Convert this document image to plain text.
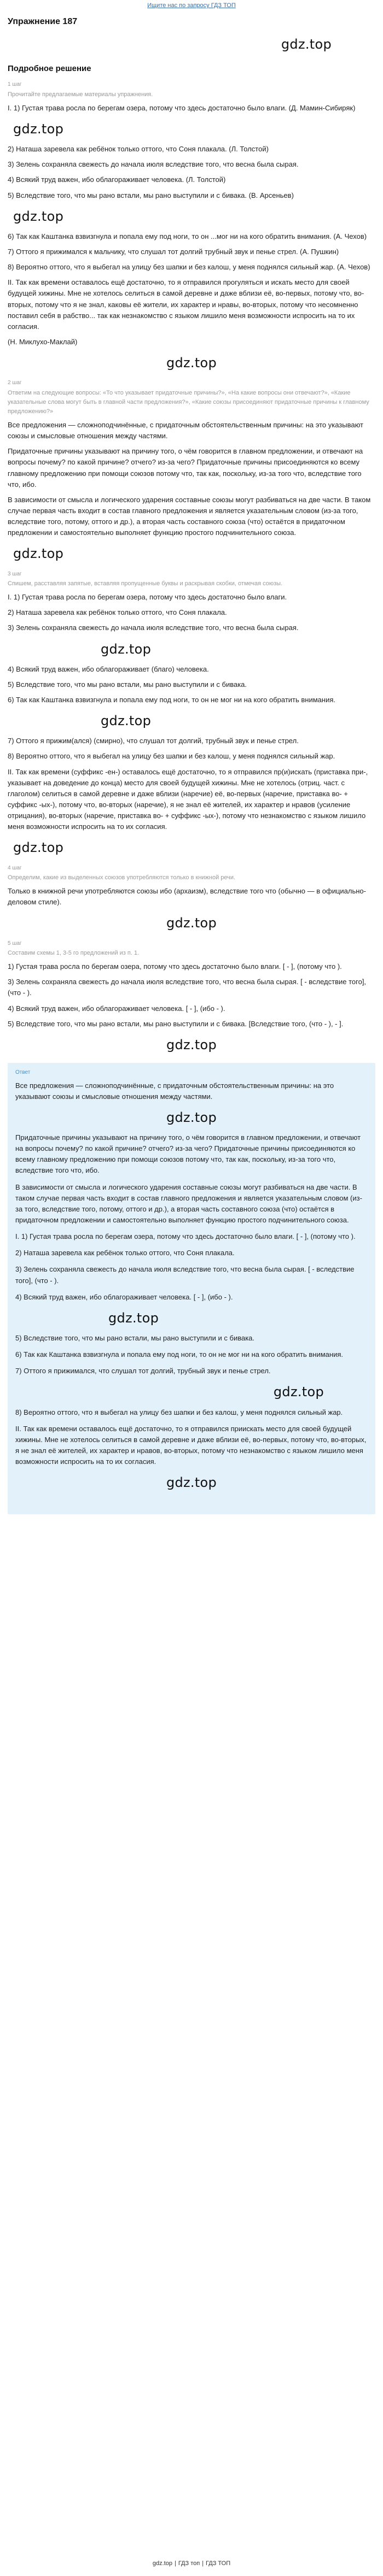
Ищите нас по запросу ГДЗ ТОП
Упражнение 187
gdz.top
Подробное решение
1 шаг
Прочитайте предлагаемые материалы упражнения.

I. 1) Густая трава росла по берегам озера, потому что здесь достаточно было влаги. (Д. Мамин-Сибиряк)

gdz.top

2) Наташа заревела как ребёнок только оттого, что Соня плакала. (Л. Толстой)

3) Зелень сохраняла свежесть до начала июля вследствие того, что весна была сырая.

4) Всякий труд важен, ибо облагораживает человека. (Л. Толстой)

5) Вследствие того, что мы рано встали, мы рано выступили и с бивака. (В. Арсеньев)

gdz.top

6) Так как Каштанка взвизгнула и попала ему под ноги, то он ...мог ни на кого обратить внимания. (А. Чехов)

7) Оттого я прижимался к мальчику, что слушал тот долгий трубный звук и пенье стрел. (А. Пушкин)

8) Вероятно оттого, что я выбегал на улицу без шапки и без калош, у меня поднялся сильный жар. (А. Чехов)

II. Так как времени оставалось ещё достаточно, то я отправился прогуляться и искать место для своей будущей хижины. Мне не хотелось селиться в самой деревне и даже вблизи её, во-первых, потому что, во-вторых, потому что я не знал, каковы её жители, их характер и нравы, во-вторых, потому что несомненно поставил себя в рабство... так как незнакомство с языком лишило меня возможности испросить на то их согласия.

(Н. Миклухо-Маклай)

gdz.top
2 шаг
Ответим на следующие вопросы: «То что указывает придаточные причины?», «На какие вопросы они отвечают?», «Какие указательные слова могут быть в главной части предложения?», «Какие союзы присоединяют придаточные причины к главному предложению?»

Все предложения — сложноподчинённые, с придаточным обстоятельственным причины: на это указывают союзы и смысловые отношения между частями.

Придаточные причины указывают на причину того, о чём говорится в главном предложении, и отвечают на вопросы почему? по какой причине? отчего? из-за чего? Придаточные причины присоединяются ко всему главному предложению при помощи союзов потому что, так как, поскольку, из-за того что, вследствие того что, ибо.

В зависимости от смысла и логического ударения составные союзы могут разбиваться на две части. В таком случае первая часть входит в состав главного предложения и является указательным словом (из-за того, вследствие того, потому, оттого и др.), а вторая часть составного союза (что) остаётся в придаточном предложении и самостоятельно выполняет функцию простого подчинительного союза.

gdz.top
3 шаг
Спишем, расставляя запятые, вставляя пропущенные буквы и раскрывая скобки, отмечая союзы.

I. 1) Густая трава росла по берегам озера, потому что здесь достаточно было влаги.

2) Наташа заревела как ребёнок только оттого, что Соня плакала.

3) Зелень сохраняла свежесть до начала июля вследствие того, что весна была сырая.

gdz.top

4) Всякий труд важен, ибо облагораживает (благо) человека.

5) Вследствие того, что мы рано встали, мы рано выступили и с бивака.

6) Так как Каштанка взвизгнула и попала ему под ноги, то он не мог ни на кого обратить внимания.

gdz.top

7) Оттого я прижим(ался) (смирно), что слушал тот долгий, трубный звук и пенье стрел.

8) Вероятно оттого, что я выбегал на улицу без шапки и без калош, у меня поднялся сильный жар.

II. Так как времени (суффикс -ен-) оставалось ещё достаточно, то я отправился пр(и)искать (приставка при-, указывает на доведение до конца) место для своей будущей хижины. Мне не хотелось (отриц. част. с глаголом) селиться в самой деревне и даже вблизи (наречие) её, во-первых (наречие, приставка во- + суффикс -ых-), потому что, во-вторых (наречие), я не знал её жителей, их характер и нравов (усиление отрицания), во-вторых (наречие, приставка во- + суффикс -ых-), потому что незнакомство с языком лишило меня возможности испросить на то их согласия.

gdz.top
4 шаг
Определим, какие из выделенных союзов употребляются только в книжной речи.

Только в книжной речи употребляются союзы ибо (архаизм), вследствие того что (обычно — в официально-деловом стиле).

gdz.top
5 шаг
Составим схемы 1, 3-5 го предложений из п. 1.

1) Густая трава росла по берегам озера, потому что здесь достаточно было влаги. [ - ], (потому что ).

3) Зелень сохраняла свежесть до начала июля вследствие того, что весна была сырая. [ - вследствие того], (что - ).

4) Всякий труд важен, ибо облагораживает человека. [ - ], (ибо - ).

5) Вследствие того, что мы рано встали, мы рано выступили и с бивака. [Вследствие того, (что - ), - ].

gdz.top
Ответ

Все предложения — сложноподчинённые, с придаточным обстоятельственным причины: на это указывают союзы и смысловые отношения между частями.

gdz.top

Придаточные причины указывают на причину того, о чём говорится в главном предложении, и отвечают на вопросы почему? по какой причине? отчего? из-за чего? Придаточные причины присоединяются ко всему главному предложению при помощи союзов потому что, так как, поскольку, из-за того что, вследствие того что, ибо.

В зависимости от смысла и логического ударения составные союзы могут разбиваться на две части. В таком случае первая часть входит в состав главного предложения и является указательным словом (из-за того, вследствие того, потому, оттого и др.), а вторая часть составного союза (что) остаётся в придаточном предложении и самостоятельно выполняет функцию простого подчинительного союза.

I. 1) Густая трава росла по берегам озера, потому что здесь достаточно было влаги. [ - ], (потому что ).

2) Наташа заревела как ребёнок только оттого, что Соня плакала.

3) Зелень сохраняла свежесть до начала июля вследствие того, что весна была сырая. [ - вследствие того], (что - ).

4) Всякий труд важен, ибо облагораживает человека. [ - ], (ибо - ).

gdz.top

5) Вследствие того, что мы рано встали, мы рано выступили и с бивака.

6) Так как Каштанка взвизгнула и попала ему под ноги, то он не мог ни на кого обратить внимания.

7) Оттого я прижимался, что слушал тот долгий, трубный звук и пенье стрел.

gdz.top

8) Вероятно оттого, что я выбегал на улицу без шапки и без калош, у меня поднялся сильный жар.

II. Так как времени оставалось ещё достаточно, то я отправился приискать место для своей будущей хижины. Мне не хотелось селиться в самой деревне и даже вблизи её, во-первых, потому что, во-вторых, я не знал её жителей, их характер и нравов, во-вторых, потому что незнакомство с языком лишило меня возможности испросить на то их согласия.

gdz.top
gdz.top | ГДЗ топ | ГДЗ ТОП
